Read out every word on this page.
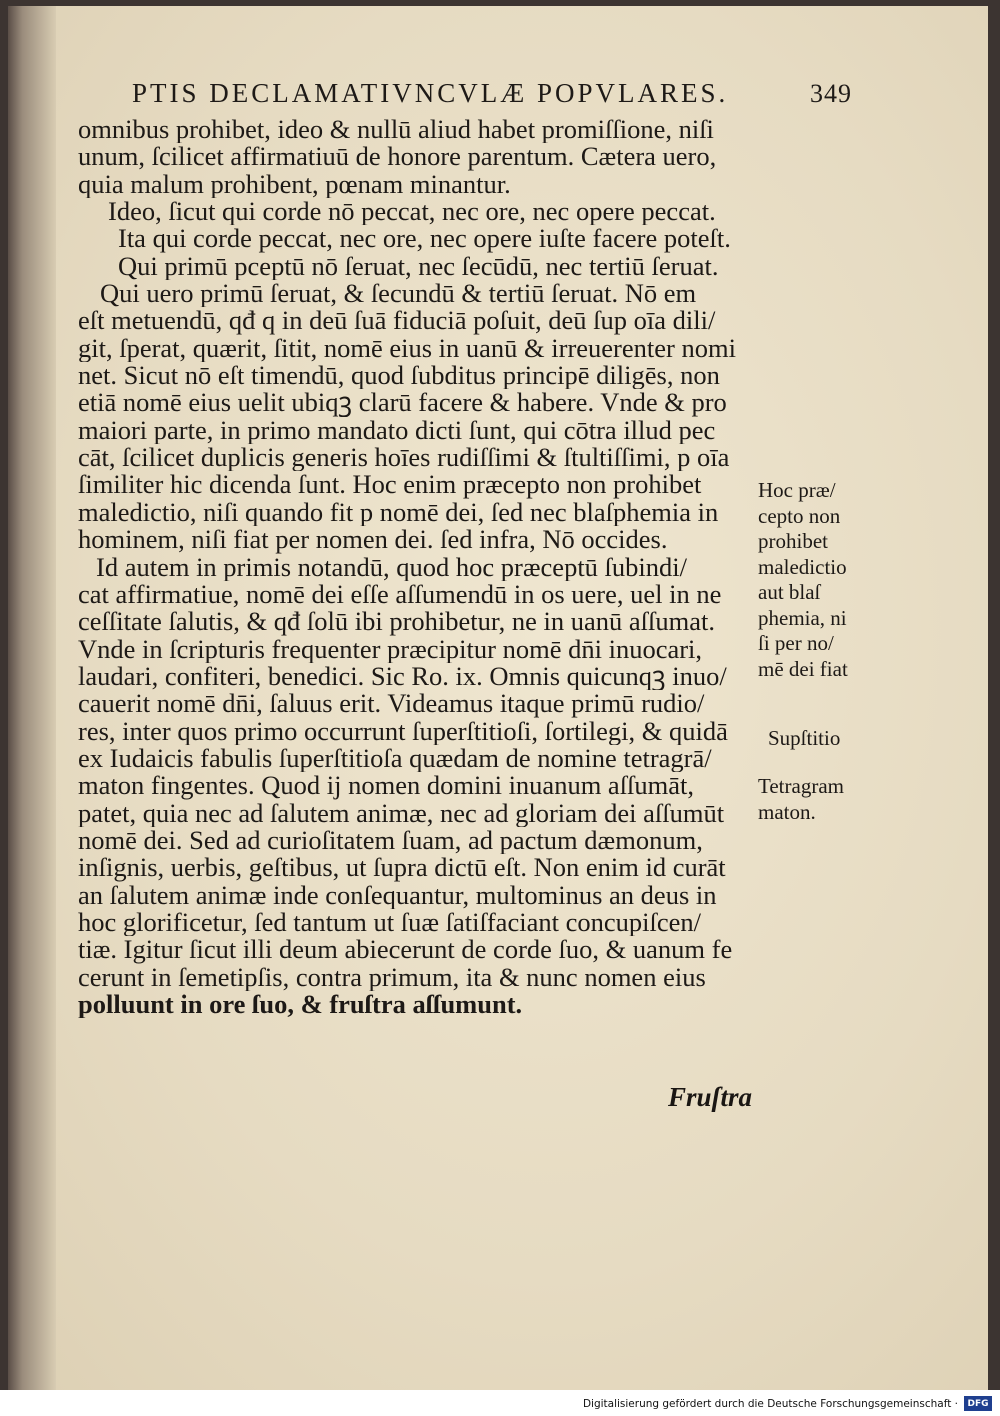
PTIS DECLAMATIVNCVLÆ POPVLARES.	349
omnibus prohibet, ideo & nullū aliud habet promiſſione, niſi
unum, ſcilicet affirmatiuū de honore parentum. Cætera uero,
quia malum prohibent, pœnam minantur.
Ideo, ſicut qui corde nō peccat, nec ore, nec opere peccat.
Ita qui corde peccat, nec ore, nec opere iuſte facere poteſt.
Qui primū pceptū nō ſeruat, nec ſecūdū, nec tertiū ſeruat.
Qui uero primū ſeruat, & ſecundū & tertiū ſeruat. Nō em
eſt metuendū, qđ q in deū ſuā fiduciā poſuit, deū ſup oīa dili/
git, ſperat, quærit, ſitit, nomē eius in uanū & irreuerenter nomi
net. Sicut nō eſt timendū, quod ſubditus principē diligēs, non
etiā nomē eius uelit ubiqꝫ clarū facere & habere. Vnde & pro
maiori parte, in primo mandato dicti ſunt, qui cōtra illud pec
cāt, ſcilicet duplicis generis hoīes rudiſſimi & ſtultiſſimi, p oīa
ſimiliter hic dicenda ſunt. Hoc enim præcepto non prohibet
maledictio, niſi quando fit p nomē dei, ſed nec blaſphemia in
hominem, niſi fiat per nomen dei. ſed infra, Nō occides.
Id autem in primis notandū, quod hoc præceptū ſubindi/
cat affirmatiue, nomē dei eſſe aſſumendū in os uere, uel in ne
ceſſitate ſalutis, & qđ ſolū ibi prohibetur, ne in uanū aſſumat.
Vnde in ſcripturis frequenter præcipitur nomē dn̄i inuocari,
laudari, confiteri, benedici. Sic Ro. ix. Omnis quicunqꝫ inuo/
cauerit nomē dn̄i, ſaluus erit. Videamus itaque primū rudio/
res, inter quos primo occurrunt ſuperſtitioſi, ſortilegi, & quidā
ex Iudaicis fabulis ſuperſtitioſa quædam de nomine tetragrā/
maton fingentes. Quod ij nomen domini inuanum aſſumāt,
patet, quia nec ad ſalutem animæ, nec ad gloriam dei aſſumūt
nomē dei. Sed ad curioſitatem ſuam, ad pactum dæmonum,
inſignis, uerbis, geſtibus, ut ſupra dictū eſt. Non enim id curāt
an ſalutem animæ inde conſequantur, multominus an deus in
hoc glorificetur, ſed tantum ut ſuæ ſatiſfaciant concupiſcen/
tiæ. Igitur ſicut illi deum abiecerunt de corde ſuo, & uanum fe
cerunt in ſemetipſis, contra primum, ita & nunc nomen eius
polluunt in ore ſuo, & fruſtra aſſumunt.
Hoc præ/
cepto non
prohibet
maledictio
aut blaſ
phemia, ni
ſi per no/
mē dei fiat
Supſtitio
Tetragram
maton.
Fruſtra
Digitalisierung gefördert durch die Deutsche Forschungsgemeinschaft ·	DFG
